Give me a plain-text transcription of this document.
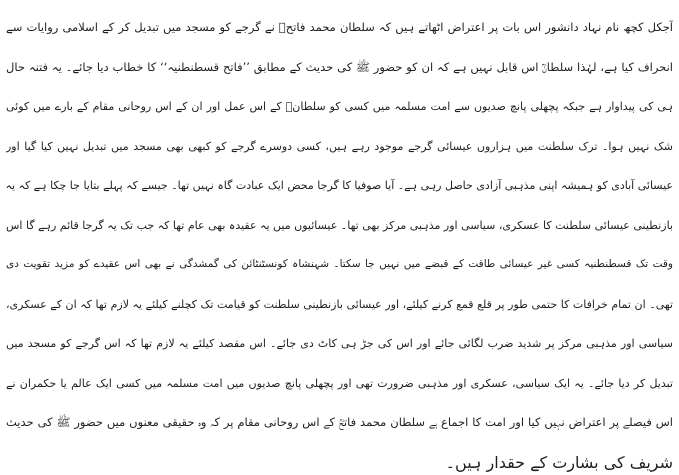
آجکل کچھ نام نہاد دانشور اس بات پر اعتراض اٹھاتے ہیں کہ سلطان محمد فاتحؒ نے گرجے کو مسجد میں تبدیل کر کے اسلامی روایات سے
انحراف کیا ہے، لہٰذا سلطانؒ اس قابل نہیں ہے کہ ان کو حضور ﷺ کی حدیث کے مطابق ’’فاتح قسطنطنیہ‘‘ کا خطاب دیا جائے۔ یہ فتنہ حال
ہی کی پیداوار ہے جبکہ پچھلی پانچ صدیوں سے امت مسلمہ میں کسی کو سلطانؒ کے اس عمل اور ان کے اس روحانی مقام کے بارے میں کوئی
شک نہیں ہوا۔ ترک سلطنت میں ہزاروں عیسائی گرجے موجود رہے ہیں، کسی دوسرے گرجے کو کبھی بھی مسجد میں تبدیل نہیں کیا گیا اور
عیسائی آبادی کو ہمیشہ اپنی مذہبی آزادی حاصل رہی ہے۔ آیا صوفیا کا گرجا محض ایک عبادت گاہ نہیں تھا۔ جیسے کہ پہلے بتایا جا چکا ہے کہ یہ
بازنطینی عیسائی سلطنت کا عسکری، سیاسی اور مذہبی مرکز بھی تھا۔ عیسائیوں میں یہ عقیدہ بھی عام تھا کہ جب تک یہ گرجا قائم رہے گا اس
وقت تک قسطنطنیہ کسی غیر عیسائی طاقت کے قبضے میں نہیں جا سکتا۔ شہنشاہ کونسٹنٹائن کی گمشدگی نے بھی اس عقیدے کو مزید تقویت دی
تھی۔ ان تمام خرافات کا حتمی طور پر قلع قمع کرنے کیلئے، اور عیسائی بازنطینی سلطنت کو قیامت تک کچلنے کیلئے یہ لازم تھا کہ ان کے عسکری،
سیاسی اور مذہبی مرکز پر شدید ضرب لگائی جائے اور اس کی جڑ ہی کاٹ دی جائے۔ اس مقصد کیلئے یہ لازم تھا کہ اس گرجے کو مسجد میں
تبدیل کر دیا جائے۔ یہ ایک سیاسی، عسکری اور مذہبی ضرورت تھی اور پچھلی پانچ صدیوں میں امت مسلمہ میں کسی ایک عالم یا حکمران نے
اس فیصلے پر اعتراض نہیں کیا اور امت کا اجماع ہے سلطان محمد فاتحؒ کے اس روحانی مقام پر کہ وہ حقیقی معنوں میں حضور ﷺ کی حدیث
شریف کی بشارت کے حقدار ہیں۔
